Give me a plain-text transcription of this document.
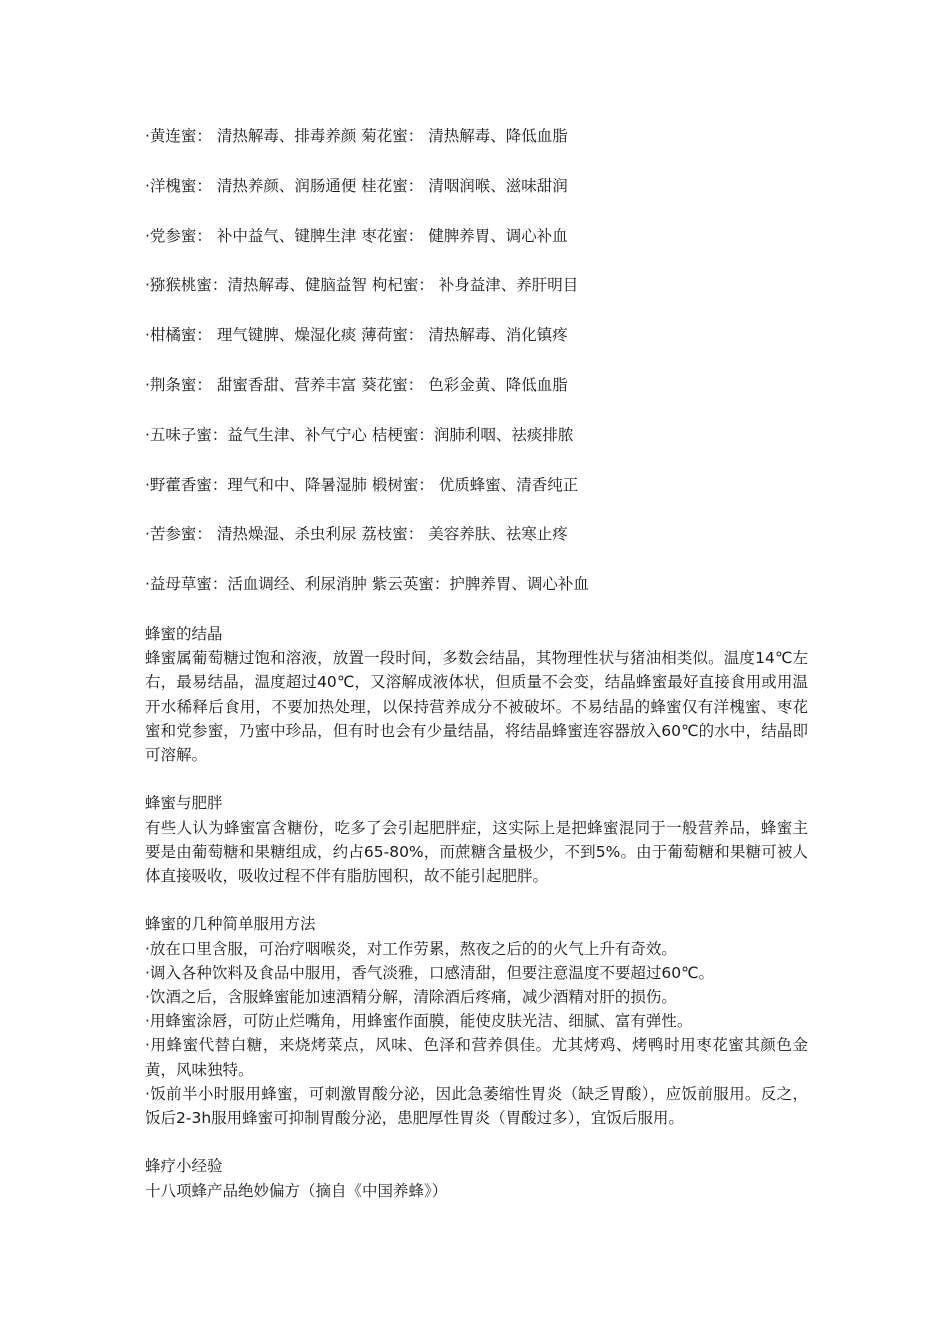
·黄连蜜： 清热解毒、排毒养颜 菊花蜜： 清热解毒、降低血脂
·洋槐蜜： 清热养颜、润肠通便 桂花蜜： 清咽润喉、滋味甜润
·党参蜜： 补中益气、键脾生津 枣花蜜： 健脾养胃、调心补血
·猕猴桃蜜：清热解毒、健脑益智 枸杞蜜： 补身益津、养肝明目
·柑橘蜜： 理气键脾、燥湿化痰 薄荷蜜： 清热解毒、消化镇疼
·荆条蜜： 甜蜜香甜、营养丰富 葵花蜜： 色彩金黄、降低血脂
·五味子蜜：益气生津、补气宁心 桔梗蜜：润肺利咽、祛痰排脓
·野藿香蜜：理气和中、降暑湿肺 椴树蜜： 优质蜂蜜、清香纯正
·苦参蜜： 清热燥湿、杀虫利尿 荔枝蜜： 美容养肤、祛寒止疼
·益母草蜜：活血调经、利尿消肿 紫云英蜜：护脾养胃、调心补血

蜂蜜的结晶

蜂蜜属葡萄糖过饱和溶液，放置一段时间，多数会结晶，其物理性状与猪油相类似。温度14℃左右，最易结晶，温度超过40℃，又溶解成液体状，但质量不会变，结晶蜂蜜最好直接食用或用温开水稀释后食用，不要加热处理，以保持营养成分不被破坏。不易结晶的蜂蜜仅有洋槐蜜、枣花蜜和党参蜜，乃蜜中珍品，但有时也会有少量结晶，将结晶蜂蜜连容器放入60℃的水中，结晶即可溶解。

蜂蜜与肥胖

有些人认为蜂蜜富含糖份，吃多了会引起肥胖症，这实际上是把蜂蜜混同于一般营养品，蜂蜜主要是由葡萄糖和果糖组成，约占65-80%，而蔗糖含量极少，不到5%。由于葡萄糖和果糖可被人体直接吸收，吸收过程不伴有脂肪囤积，故不能引起肥胖。

蜂蜜的几种简单服用方法

·放在口里含服，可治疗咽喉炎，对工作劳累，熬夜之后的的火气上升有奇效。

·调入各种饮料及食品中服用，香气淡雅，口感清甜，但要注意温度不要超过60℃。

·饮酒之后，含服蜂蜜能加速酒精分解，清除酒后疼痛，减少酒精对肝的损伤。

·用蜂蜜涂唇，可防止烂嘴角，用蜂蜜作面膜，能使皮肤光洁、细腻、富有弹性。

·用蜂蜜代替白糖，来烧烤菜点，风味、色泽和营养俱佳。尤其烤鸡、烤鸭时用枣花蜜其颜色金黄，风味独特。

·饭前半小时服用蜂蜜，可刺激胃酸分泌，因此急萎缩性胃炎（缺乏胃酸），应饭前服用。反之，饭后2-3h服用蜂蜜可抑制胃酸分泌，患肥厚性胃炎（胃酸过多），宜饭后服用。

蜂疗小经验

十八项蜂产品绝妙偏方（摘自《中国养蜂》）
